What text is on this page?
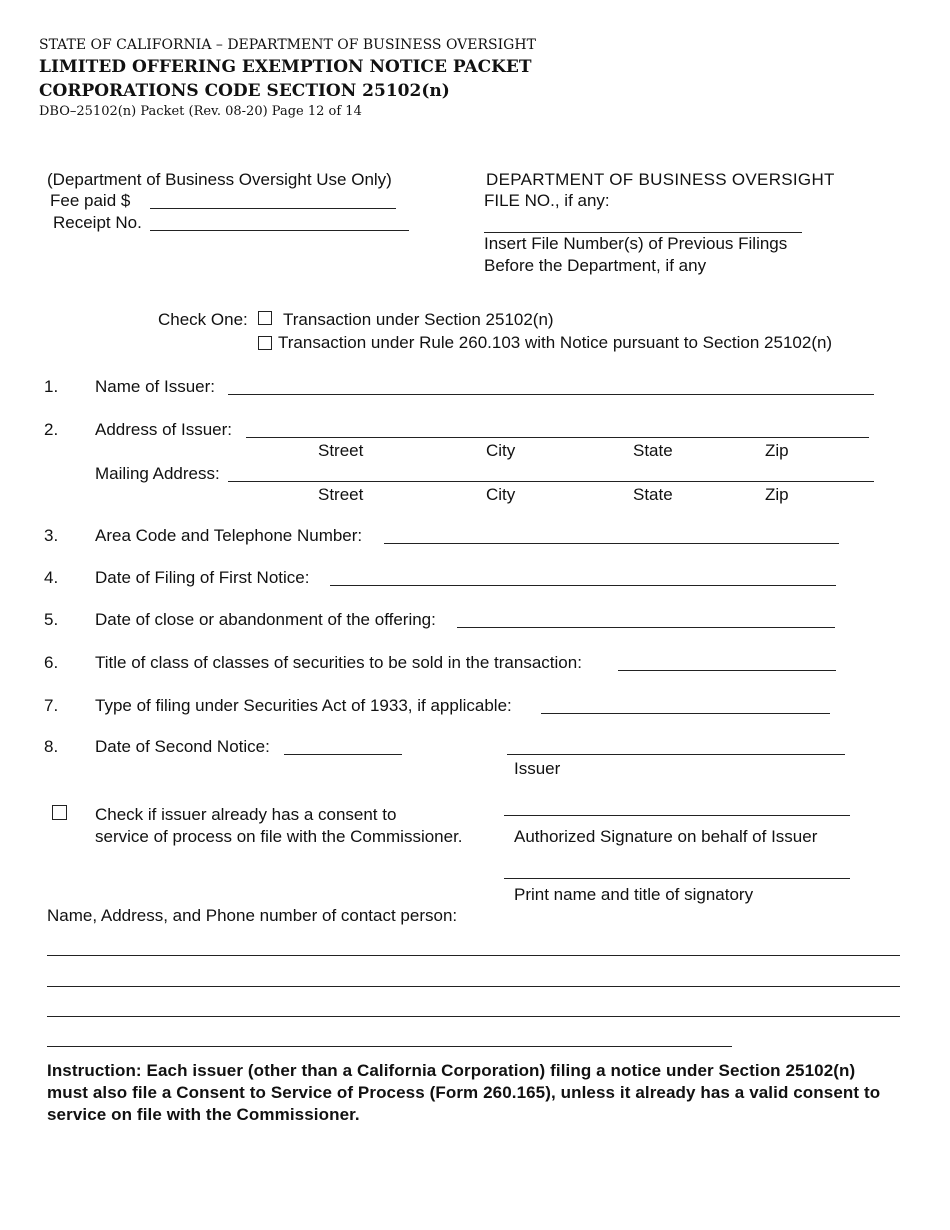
STATE OF CALIFORNIA – DEPARTMENT OF BUSINESS OVERSIGHT
LIMITED OFFERING EXEMPTION NOTICE PACKET
CORPORATIONS CODE SECTION 25102(n)
DBO–25102(n) Packet (Rev. 08-20) Page 12 of 14
(Department of Business Oversight Use Only)
Fee paid $
Receipt No.
DEPARTMENT OF BUSINESS OVERSIGHT
FILE NO., if any:
Insert File Number(s) of Previous Filings
Before the Department, if any
Check One: Transaction under Section 25102(n)
Transaction under Rule 260.103 with Notice pursuant to Section 25102(n)
1. Name of Issuer:
2. Address of Issuer:
Street	City	State	Zip
Mailing Address:
Street	City	State	Zip
3. Area Code and Telephone Number:
4. Date of Filing of First Notice:
5. Date of close or abandonment of the offering:
6. Title of class of classes of securities to be sold in the transaction:
7. Type of filing under Securities Act of 1933, if applicable:
8. Date of Second Notice:
Issuer
Authorized Signature on behalf of Issuer
Print name and title of signatory
Check if issuer already has a consent to
service of process on file with the Commissioner.
Name, Address, and Phone number of contact person:
Instruction: Each issuer (other than a California Corporation) filing a notice under Section 25102(n) must also file a Consent to Service of Process (Form 260.165), unless it already has a valid consent to service on file with the Commissioner.
